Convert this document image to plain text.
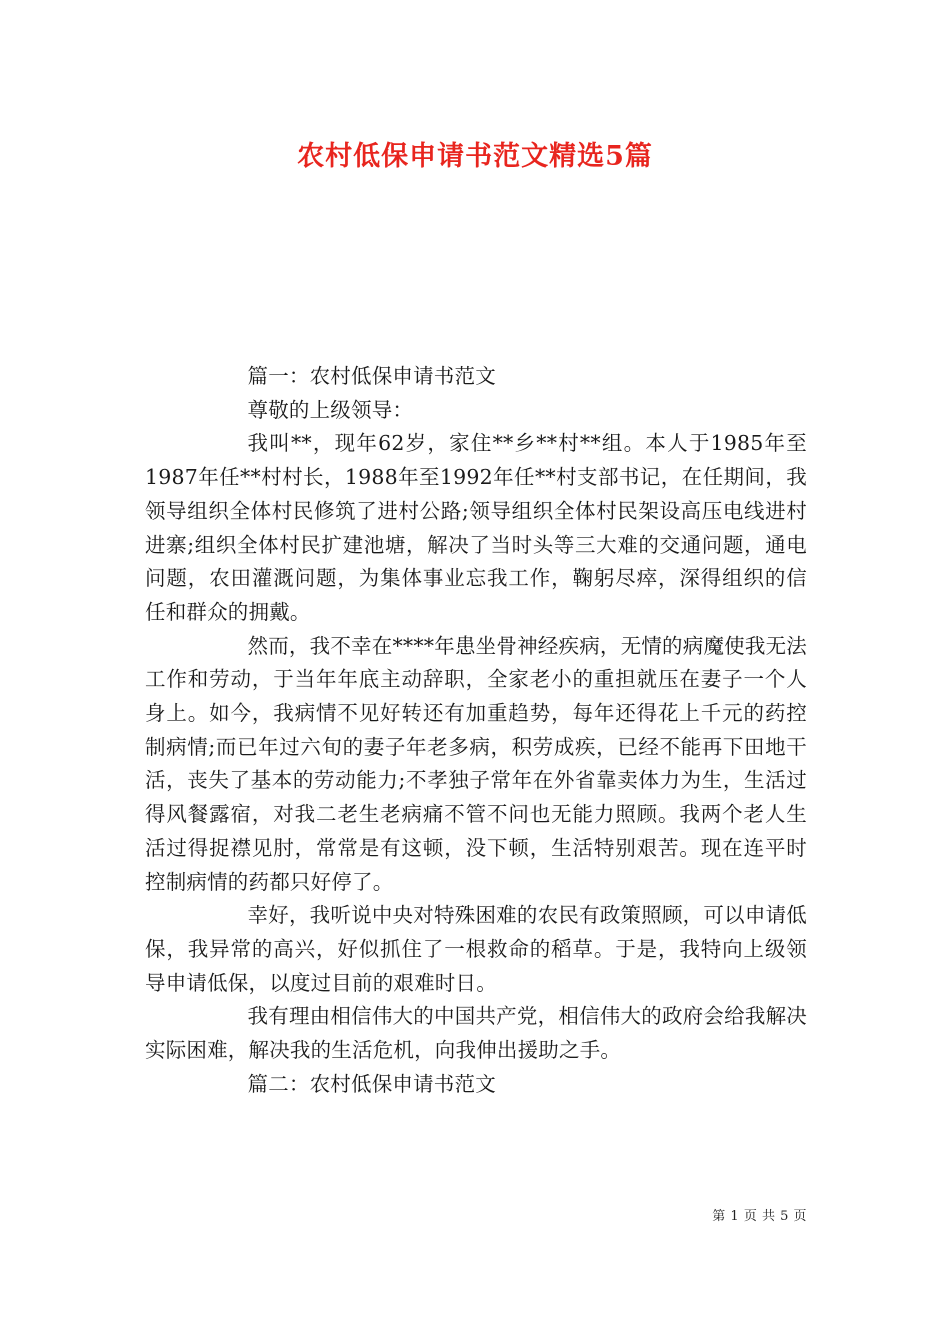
农村低保申请书范文精选5篇

篇一：农村低保申请书范文

尊敬的上级领导：

我叫**，现年62岁，家住**乡**村**组。本人于1985年至1987年任**村村长，1988年至1992年任**村支部书记，在任期间，我领导组织全体村民修筑了进村公路;领导组织全体村民架设高压电线进村进寨;组织全体村民扩建池塘，解决了当时头等三大难的交通问题，通电问题，农田灌溉问题，为集体事业忘我工作，鞠躬尽瘁，深得组织的信任和群众的拥戴。

然而，我不幸在****年患坐骨神经疾病，无情的病魔使我无法工作和劳动，于当年年底主动辞职，全家老小的重担就压在妻子一个人身上。如今，我病情不见好转还有加重趋势，每年还得花上千元的药控制病情;而已年过六旬的妻子年老多病，积劳成疾，已经不能再下田地干活，丧失了基本的劳动能力;不孝独子常年在外省靠卖体力为生，生活过得风餐露宿，对我二老生老病痛不管不问也无能力照顾。我两个老人生活过得捉襟见肘，常常是有这顿，没下顿，生活特别艰苦。现在连平时控制病情的药都只好停了。

幸好，我听说中央对特殊困难的农民有政策照顾，可以申请低保，我异常的高兴，好似抓住了一根救命的稻草。于是，我特向上级领导申请低保，以度过目前的艰难时日。

我有理由相信伟大的中国共产党，相信伟大的政府会给我解决实际困难，解决我的生活危机，向我伸出援助之手。

篇二：农村低保申请书范文

第 1 页 共 5 页
